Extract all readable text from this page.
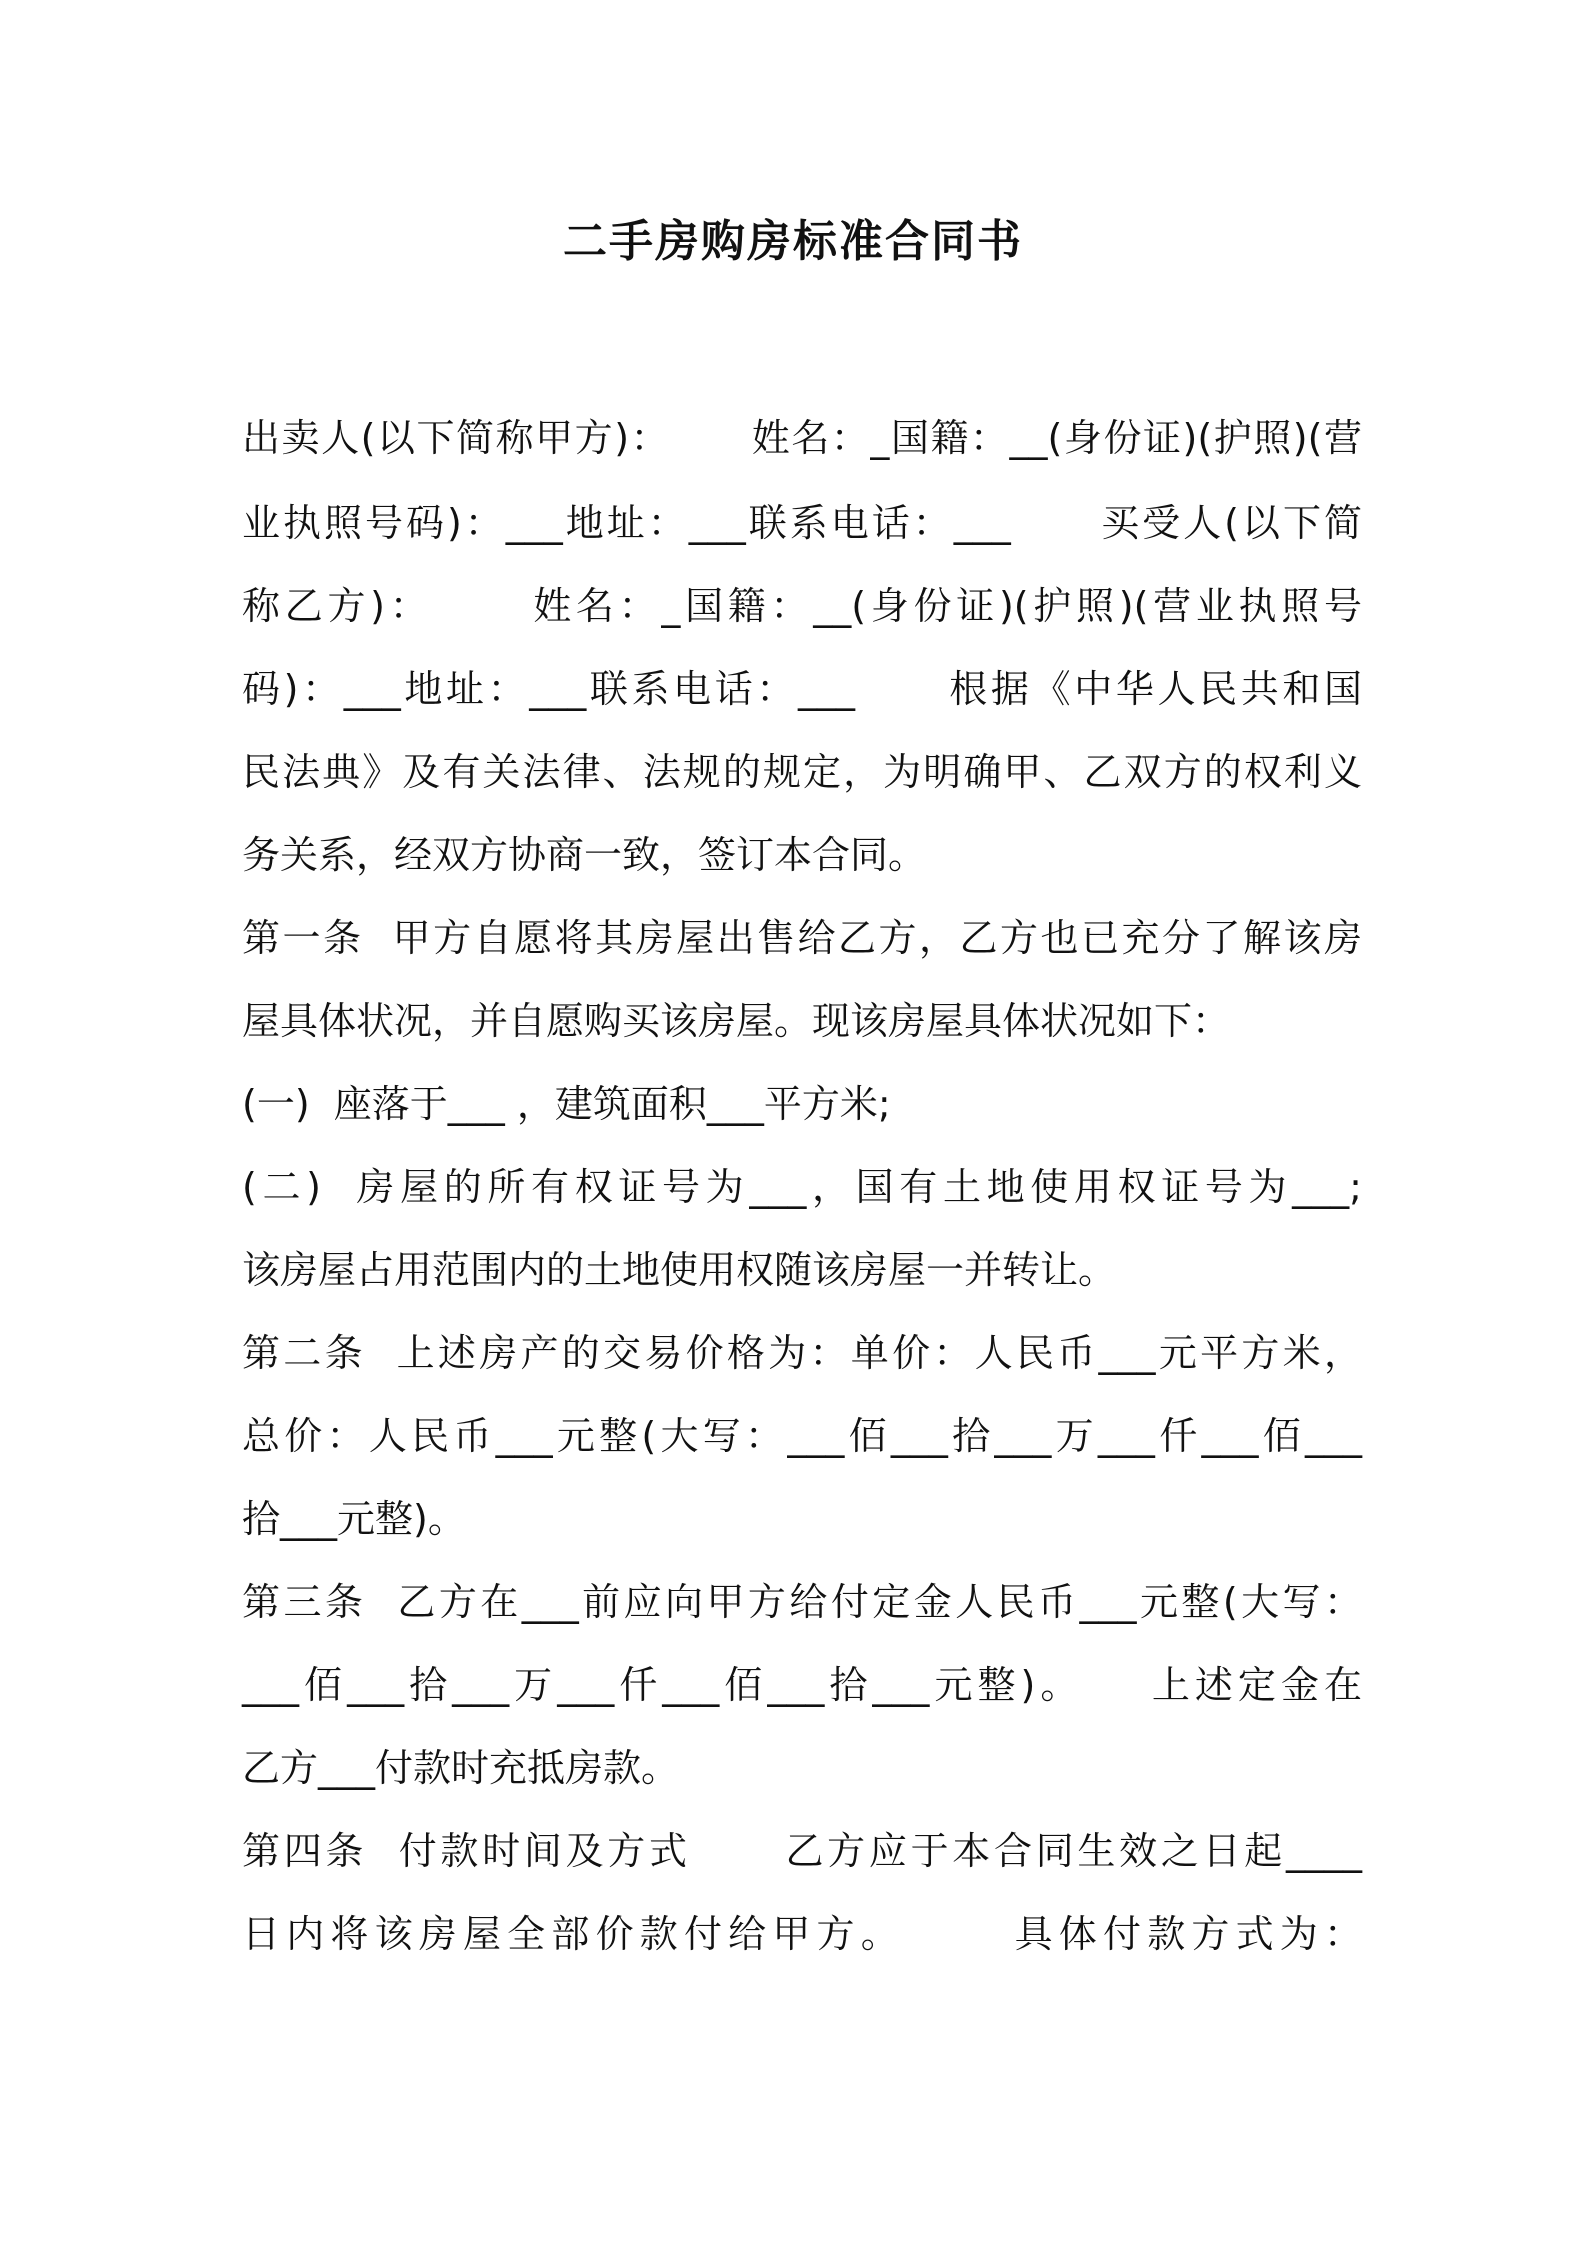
二手房购房标准合同书
出卖人(以下简称甲方)：      姓名：_国籍：__(身份证)(护照)(营
业执照号码)：___地址：___联系电话：___      买受人(以下简
称乙方)：      姓名：_国籍：__(身份证)(护照)(营业执照号
码)：___地址：___联系电话：___      根据《中华人民共和国
民法典》及有关法律、法规的规定，为明确甲、乙双方的权利义
务关系，经双方协商一致，签订本合同。
第一条  甲方自愿将其房屋出售给乙方，乙方也已充分了解该房
屋具体状况，并自愿购买该房屋。现该房屋具体状况如下：
(一)  座落于___ ，建筑面积___平方米;
(二)  房屋的所有权证号为___，国有土地使用权证号为___;
该房屋占用范围内的土地使用权随该房屋一并转让。
第二条  上述房产的交易价格为：单价：人民币___元平方米，
总价：人民币___元整(大写：___佰___拾___万___仟___佰___
拾___元整)。
第三条  乙方在___前应向甲方给付定金人民币___元整(大写：
___佰___拾___万___仟___佰___拾___元整)。    上述定金在
乙方___付款时充抵房款。
第四条  付款时间及方式      乙方应于本合同生效之日起____
日内将该房屋全部价款付给甲方。      具体付款方式为：
